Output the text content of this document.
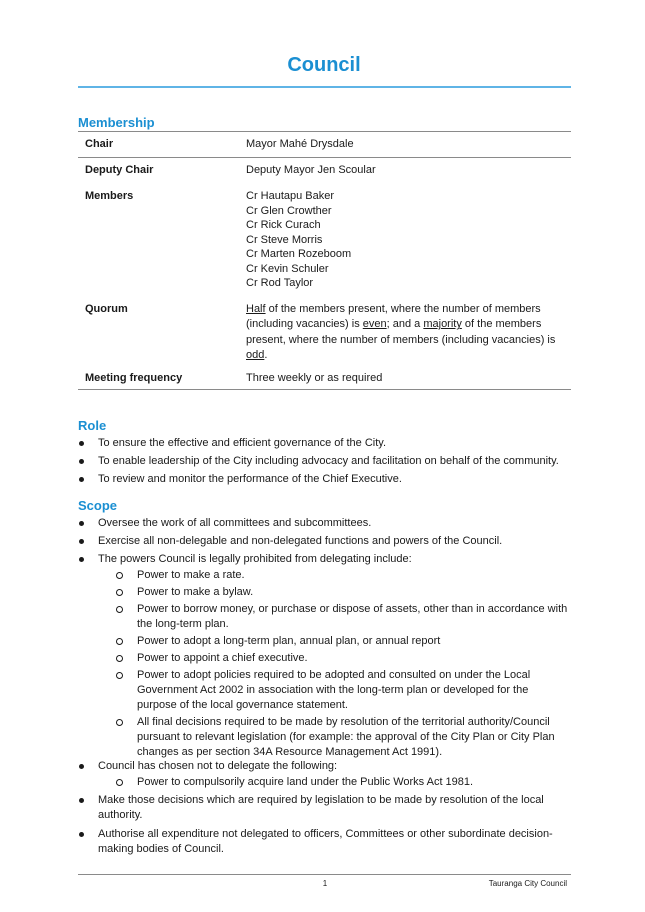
Council
Membership
Chair	Mayor Mahé Drysdale
Deputy Chair	Deputy Mayor Jen Scoular
Members	Cr Hautapu Baker
Cr Glen Crowther
Cr Rick Curach
Cr Steve Morris
Cr Marten Rozeboom
Cr Kevin Schuler
Cr Rod Taylor
Quorum	Half of the members present, where the number of members (including vacancies) is even; and a majority of the members present, where the number of members (including vacancies) is odd.
Meeting frequency	Three weekly or as required
Role
To ensure the effective and efficient governance of the City.
To enable leadership of the City including advocacy and facilitation on behalf of the community.
To review and monitor the performance of the Chief Executive.
Scope
Oversee the work of all committees and subcommittees.
Exercise all non-delegable and non-delegated functions and powers of the Council.
The powers Council is legally prohibited from delegating include:
Power to make a rate.
Power to make a bylaw.
Power to borrow money, or purchase or dispose of assets, other than in accordance with the long-term plan.
Power to adopt a long-term plan, annual plan, or annual report
Power to appoint a chief executive.
Power to adopt policies required to be adopted and consulted on under the Local Government Act 2002 in association with the long-term plan or developed for the purpose of the local governance statement.
All final decisions required to be made by resolution of the territorial authority/Council pursuant to relevant legislation (for example: the approval of the City Plan or City Plan changes as per section 34A Resource Management Act 1991).
Council has chosen not to delegate the following:
Power to compulsorily acquire land under the Public Works Act 1981.
Make those decisions which are required by legislation to be made by resolution of the local authority.
Authorise all expenditure not delegated to officers, Committees or other subordinate decision-making bodies of Council.
1	Tauranga City Council
